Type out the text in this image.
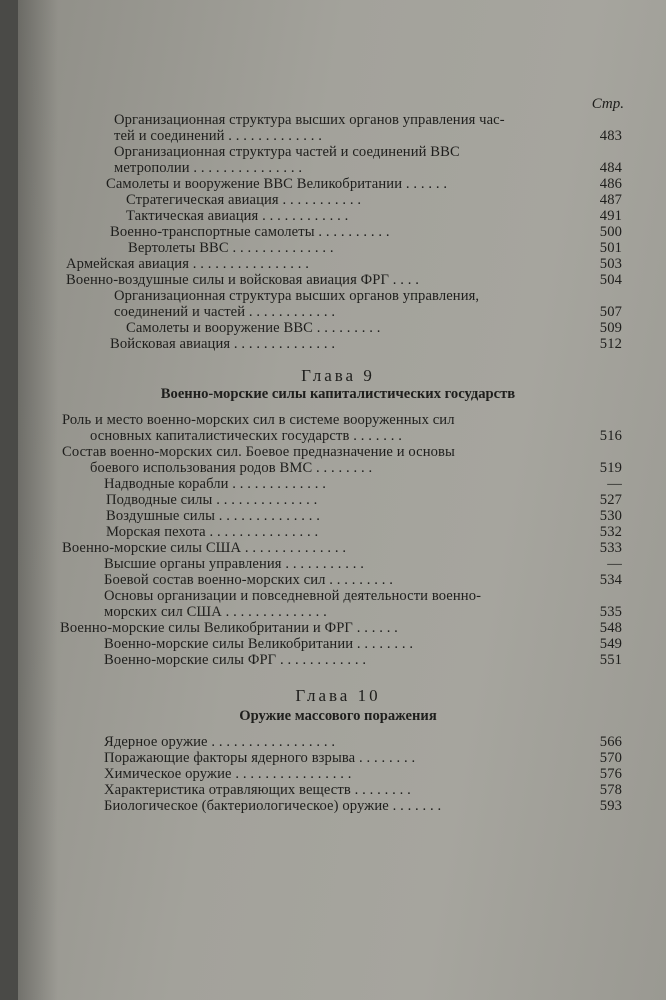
Стр.
Организационная структура высших органов управления час-
тей и соединений . . . . . . . . . . . . .	483
Организационная структура частей и соединений ВВС
метрополии . . . . . . . . . . . . . . .	484
Самолеты и вооружение ВВС Великобритании . . . . . .	486
Стратегическая авиация . . . . . . . . . . .	487
Тактическая авиация . . . . . . . . . . . .	491
Военно-транспортные самолеты . . . . . . . . . .	500
Вертолеты ВВС . . . . . . . . . . . . . .	501
Армейская авиация . . . . . . . . . . . . . . . .	503
Военно-воздушные силы и войсковая авиация ФРГ . . . .	504
Организационная структура высших органов управления,
соединений и частей . . . . . . . . . . . .	507
Самолеты и вооружение ВВС . . . . . . . . .	509
Войсковая авиация . . . . . . . . . . . . . .	512
Глава 9
Военно-морские силы капиталистических государств
Роль и место военно-морских сил в системе вооруженных сил
основных капиталистических государств . . . . . . .	516
Состав военно-морских сил. Боевое предназначение и основы
боевого использования родов ВМС . . . . . . . .	519
Надводные корабли . . . . . . . . . . . . .	—
Подводные силы . . . . . . . . . . . . . .	527
Воздушные силы . . . . . . . . . . . . . .	530
Морская пехота . . . . . . . . . . . . . . .	532
Военно-морские силы США . . . . . . . . . . . . . .	533
Высшие органы управления . . . . . . . . . . .	—
Боевой состав военно-морских сил . . . . . . . . .	534
Основы организации и повседневной деятельности военно-
морских сил США . . . . . . . . . . . . . .	535
Военно-морские силы Великобритании и ФРГ . . . . . .	548
Военно-морские силы Великобритании . . . . . . . .	549
Военно-морские силы ФРГ . . . . . . . . . . . .	551
Глава 10
Оружие массового поражения
Ядерное оружие . . . . . . . . . . . . . . . . .	566
Поражающие факторы ядерного взрыва . . . . . . . .	570
Химическое оружие . . . . . . . . . . . . . . . .	576
Характеристика отравляющих веществ . . . . . . . .	578
Биологическое (бактериологическое) оружие . . . . . . .	593
